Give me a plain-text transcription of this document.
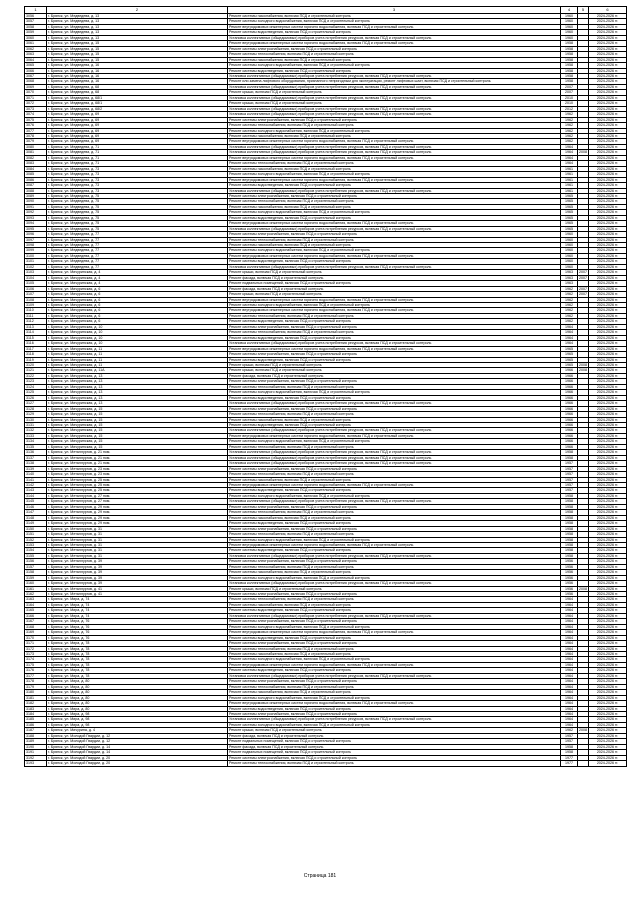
1	2	3	4	5	6
3056	г. Брянск, ул. Медведева, д. 13	Ремонт системы газоснабжения, включая ПСД и строительный контроль	1960		2024-2026 гг.
3057	г. Брянск, ул. Медведева, д. 13	Ремонт системы холодного водоснабжения, включая ПСД и строительный контроль	1960		2024-2026 гг.
3058	г. Брянск, ул. Медведева, д. 13	Ремонт внутридомовых инженерных систем горячего водоснабжения, включая ПСД и строительный контроль	1960		2024-2026 гг.
3059	г. Брянск, ул. Медведева, д. 13	Ремонт системы водоотведения, включая ПСД и строительный контроль	1960		2024-2026 гг.
3060	г. Брянск, ул. Медведева, д. 13	Установка коллективных (общедомовых) приборов учета потребления ресурсов, включая ПСД и строительный контроль	1960		2024-2026 гг.
3061	г. Брянск, ул. Медведева, д. 15	Ремонт внутридомовых инженерных систем горячего водоснабжения, включая ПСД и строительный контроль	1958		2024-2026 гг.
3062	г. Брянск, ул. Медведева, д. 15	Ремонт системы электроснабжения, включая ПСД и строительный контроль	1958		2024-2026 гг.
3063	г. Брянск, ул. Медведева, д. 15	Ремонт системы теплоснабжения, включая ПСД и строительный контроль	1958		2024-2026 гг.
3064	г. Брянск, ул. Медведева, д. 15	Ремонт системы газоснабжения, включая ПСД и строительный контроль	1958		2024-2026 гг.
3065	г. Брянск, ул. Медведева, д. 16	Ремонт системы холодного водоснабжения, включая ПСД и строительный контроль	1958		2024-2026 гг.
3066	г. Брянск, ул. Медведева, д. 16	Ремонт системы водоотведения, включая ПСД и строительный контроль	1958		2024-2026 гг.
3067	г. Брянск, ул. Медведева, д. 16	Установка коллективных (общедомовых) приборов учета потребления ресурсов, включая ПСД и строительный контроль	1958		2024-2026 гг.
3068	г. Брянск, ул. Медведева, д. 16	Ремонт или замена лифтового оборудования, признанного непригодным для эксплуатации, ремонт лифтовых шахт, включая ПСД и строительный контроль	1958		2024-2026 гг.
3069	г. Брянск, ул. Медведева, д. 68	Установка коллективных (общедомовых) приборов учета потребления ресурсов, включая ПСД и строительный контроль	2007		2024-2026 гг.
3070	г. Брянск, ул. Медведева, д. 68	Ремонт крыши, включая ПСД и строительный контроль	2007		2024-2026 гг.
3071	г. Брянск, ул. Медведева, д. 68/1	Установка коллективных (общедомовых) приборов учета потребления ресурсов, включая ПСД и строительный контроль	2010		2024-2026 гг.
3072	г. Брянск, ул. Медведева, д. 68/1	Ремонт крыши, включая ПСД и строительный контроль	2010		2024-2026 гг.
3073	г. Брянск, ул. Медведева, д. 68/2	Установка коллективных (общедомовых) приборов учета потребления ресурсов, включая ПСД и строительный контроль	2012		2024-2026 гг.
3074	г. Брянск, ул. Медведева, д. 69	Установка коллективных (общедомовых) приборов учета потребления ресурсов, включая ПСД и строительный контроль	1962		2024-2026 гг.
3075	г. Брянск, ул. Медведева, д. 69	Ремонт системы электроснабжения, включая ПСД и строительный контроль	1962		2024-2026 гг.
3076	г. Брянск, ул. Медведева, д. 69	Ремонт системы теплоснабжения, включая ПСД и строительный контроль	1962		2024-2026 гг.
3077	г. Брянск, ул. Медведева, д. 69	Ремонт системы холодного водоснабжения, включая ПСД и строительный контроль	1962		2024-2026 гг.
3078	г. Брянск, ул. Медведева, д. 69	Ремонт системы газоснабжения, включая ПСД и строительный контроль	1962		2024-2026 гг.
3079	г. Брянск, ул. Медведева, д. 69	Ремонт внутридомовых инженерных систем горячего водоснабжения, включая ПСД и строительный контроль	1962		2024-2026 гг.
3080	г. Брянск, ул. Медведева, д. 71	Установка коллективных (общедомовых) приборов учета потребления ресурсов, включая ПСД и строительный контроль	1964		2024-2026 гг.
3081	г. Брянск, ул. Медведева, д. 71	Установка коллективных (общедомовых) приборов учета потребления ресурсов, включая ПСД и строительный контроль	1964	2008	2024-2026 гг.
3082	г. Брянск, ул. Медведева, д. 71	Ремонт внутридомовых инженерных систем горячего водоснабжения, включая ПСД и строительный контроль	1964		2024-2026 гг.
3083	г. Брянск, ул. Медведева, д. 71	Ремонт системы теплоснабжения, включая ПСД и строительный контроль	1964		2024-2026 гг.
3084	г. Брянск, ул. Медведева, д. 73	Ремонт системы газоснабжения, включая ПСД и строительный контроль	1961		2024-2026 гг.
3085	г. Брянск, ул. Медведева, д. 73	Ремонт системы холодного водоснабжения, включая ПСД и строительный контроль	1961		2024-2026 гг.
3086	г. Брянск, ул. Медведева, д. 73	Ремонт внутридомовых инженерных систем горячего водоснабжения, включая ПСД и строительный контроль	1961		2024-2026 гг.
3087	г. Брянск, ул. Медведева, д. 73	Ремонт системы водоотведения, включая ПСД и строительный контроль	1961		2024-2026 гг.
3088	г. Брянск, ул. Медведева, д. 73	Установка коллективных (общедомовых) приборов учета потребления ресурсов, включая ПСД и строительный контроль	1961		2024-2026 гг.
3089	г. Брянск, ул. Медведева, д. 75	Ремонт системы электроснабжения, включая ПСД и строительный контроль	1965		2024-2026 гг.
3090	г. Брянск, ул. Медведева, д. 75	Ремонт системы теплоснабжения, включая ПСД и строительный контроль	1965		2024-2026 гг.
3091	г. Брянск, ул. Медведева, д. 75	Ремонт системы газоснабжения, включая ПСД и строительный контроль	1965		2024-2026 гг.
3092	г. Брянск, ул. Медведева, д. 75	Ремонт системы холодного водоснабжения, включая ПСД и строительный контроль	1965		2024-2026 гг.
3093	г. Брянск, ул. Медведева, д. 75	Ремонт системы водоотведения, включая ПСД и строительный контроль	1965		2024-2026 гг.
3094	г. Брянск, ул. Медведева, д. 75	Ремонт внутридомовых инженерных систем горячего водоснабжения, включая ПСД и строительный контроль	1965		2024-2026 гг.
3095	г. Брянск, ул. Медведева, д. 75	Установка коллективных (общедомовых) приборов учета потребления ресурсов, включая ПСД и строительный контроль	1965		2024-2026 гг.
3096	г. Брянск, ул. Медведева, д. 77	Ремонт системы электроснабжения, включая ПСД и строительный контроль	1960		2024-2026 гг.
3097	г. Брянск, ул. Медведева, д. 77	Ремонт системы теплоснабжения, включая ПСД и строительный контроль	1960		2024-2026 гг.
3098	г. Брянск, ул. Медведева, д. 77	Ремонт системы газоснабжения, включая ПСД и строительный контроль	1960		2024-2026 гг.
3099	г. Брянск, ул. Медведева, д. 77	Ремонт системы холодного водоснабжения, включая ПСД и строительный контроль	1960		2024-2026 гг.
3100	г. Брянск, ул. Медведева, д. 77	Ремонт внутридомовых инженерных систем горячего водоснабжения, включая ПСД и строительный контроль	1960		2024-2026 гг.
3101	г. Брянск, ул. Медведева, д. 77	Ремонт системы водоотведения, включая ПСД и строительный контроль	1960		2024-2026 гг.
3102	г. Брянск, ул. Медведева, д. 77	Установка коллективных (общедомовых) приборов учета потребления ресурсов, включая ПСД и строительный контроль	1960		2024-2026 гг.
3103	г. Брянск, ул. Мичуринская, д. 4	Ремонт крыши, включая ПСД и строительный контроль	1963	2007	2024-2026 гг.
3104	г. Брянск, ул. Мичуринская, д. 4	Ремонт фасада, включая ПСД и строительный контроль	1963	2007	2024-2026 гг.
3105	г. Брянск, ул. Мичуринская, д. 4	Ремонт подвальных помещений, включая ПСД и строительный контроль	1963		2024-2026 гг.
3106	г. Брянск, ул. Мичуринская, д. 6	Ремонт фасада, включая ПСД и строительный контроль	1962	2007	2024-2026 гг.
3107	г. Брянск, ул. Мичуринская, д. 6	Ремонт крыши, включая ПСД и строительный контроль	1962	2007	2024-2026 гг.
3108	г. Брянск, ул. Мичуринская, д. 6	Ремонт внутридомовых инженерных систем горячего водоснабжения, включая ПСД и строительный контроль	1962		2024-2026 гг.
3109	г. Брянск, ул. Мичуринская, д. 6	Ремонт системы холодного водоснабжения, включая ПСД и строительный контроль	1962		2024-2026 гг.
3110	г. Брянск, ул. Мичуринская, д. 6	Ремонт внутридомовых инженерных систем горячего водоснабжения, включая ПСД и строительный контроль	1962		2024-2026 гг.
3111	г. Брянск, ул. Мичуринская, д. 6	Ремонт системы теплоснабжения, включая ПСД и строительный контроль	1962		2024-2026 гг.
3112	г. Брянск, ул. Мичуринская, д. 6	Ремонт системы водоотведения, включая ПСД и строительный контроль	1962		2024-2026 гг.
3113	г. Брянск, ул. Мичуринская, д. 10	Ремонт системы электроснабжения, включая ПСД и строительный контроль	1964		2024-2026 гг.
3114	г. Брянск, ул. Мичуринская, д. 10	Ремонт системы теплоснабжения, включая ПСД и строительный контроль	1964		2024-2026 гг.
3115	г. Брянск, ул. Мичуринская, д. 10	Ремонт системы водоотведения, включая ПСД и строительный контроль	1964		2024-2026 гг.
3116	г. Брянск, ул. Мичуринская, д. 10	Установка коллективных (общедомовых) приборов учета потребления ресурсов, включая ПСД и строительный контроль	1964		2024-2026 гг.
3117	г. Брянск, ул. Мичуринская, д. 11	Ремонт внутридомовых инженерных систем горячего водоснабжения, включая ПСД и строительный контроль	1965		2024-2026 гг.
3118	г. Брянск, ул. Мичуринская, д. 11	Ремонт системы электроснабжения, включая ПСД и строительный контроль	1965		2024-2026 гг.
3119	г. Брянск, ул. Мичуринская, д. 11	Ремонт системы водоотведения, включая ПСД и строительный контроль	1965		2024-2026 гг.
3120	г. Брянск, ул. Мичуринская, д. 11	Ремонт крыши, включая ПСД и строительный контроль	1965	2008	2024-2026 гг.
3121	г. Брянск, ул. Мичуринская, д. 11А	Ремонт крыши, включая ПСД и строительный контроль	1966	2008	2024-2026 гг.
3122	г. Брянск, ул. Мичуринская, д. 13	Ремонт фасада, включая ПСД и строительный контроль	1966		2024-2026 гг.
3123	г. Брянск, ул. Мичуринская, д. 13	Ремонт системы электроснабжения, включая ПСД и строительный контроль	1966		2024-2026 гг.
3124	г. Брянск, ул. Мичуринская, д. 13	Ремонт системы теплоснабжения, включая ПСД и строительный контроль	1966		2024-2026 гг.
3125	г. Брянск, ул. Мичуринская, д. 13	Ремонт системы холодного водоснабжения, включая ПСД и строительный контроль	1966		2024-2026 гг.
3126	г. Брянск, ул. Мичуринская, д. 13	Ремонт системы водоотведения, включая ПСД и строительный контроль	1966		2024-2026 гг.
3127	г. Брянск, ул. Мичуринская, д. 13	Установка коллективных (общедомовых) приборов учета потребления ресурсов, включая ПСД и строительный контроль	1966		2024-2026 гг.
3128	г. Брянск, ул. Мичуринская, д. 15	Ремонт системы электроснабжения, включая ПСД и строительный контроль	1966		2024-2026 гг.
3129	г. Брянск, ул. Мичуринская, д. 15	Ремонт системы теплоснабжения, включая ПСД и строительный контроль	1966		2024-2026 гг.
3130	г. Брянск, ул. Мичуринская, д. 15	Ремонт системы газоснабжения, включая ПСД и строительный контроль	1966		2024-2026 гг.
3131	г. Брянск, ул. Мичуринская, д. 15	Ремонт системы водоотведения, включая ПСД и строительный контроль	1966		2024-2026 гг.
3132	г. Брянск, ул. Мичуринская, д. 15	Установка коллективных (общедомовых) приборов учета потребления ресурсов, включая ПСД и строительный контроль	1966		2024-2026 гг.
3133	г. Брянск, ул. Мичуринская, д. 15	Ремонт внутридомовых инженерных систем горячего водоснабжения, включая ПСД и строительный контроль	1966		2024-2026 гг.
3134	г. Брянск, ул. Мичуринская, д. 15	Ремонт системы холодного водоснабжения, включая ПСД и строительный контроль	1966		2024-2026 гг.
3135	г. Брянск, ул. Мичуринская, д. 15	Ремонт системы теплоснабжения, включая ПСД и строительный контроль	1966		2024-2026 гг.
3136	г. Брянск, ул. Металлургов, д. 21 пом.	Установка коллективных (общедомовых) приборов учета потребления ресурсов, включая ПСД и строительный контроль	1958		2024-2026 гг.
3137	г. Брянск, ул. Металлургов, д. 21 пом.	Установка коллективных (общедомовых) приборов учета потребления ресурсов, включая ПСД и строительный контроль	1958		2024-2026 гг.
3138	г. Брянск, ул. Металлургов, д. 21 пом.	Установка коллективных (общедомовых) приборов учета потребления ресурсов, включая ПСД и строительный контроль	1957		2024-2026 гг.
3139	г. Брянск, ул. Металлургов, д. 23 пом.	Ремонт системы электроснабжения, включая ПСД и строительный контроль	1957		2024-2026 гг.
3140	г. Брянск, ул. Металлургов, д. 23 пом.	Ремонт системы теплоснабжения, включая ПСД и строительный контроль	1957		2024-2026 гг.
3141	г. Брянск, ул. Металлургов, д. 25 пом.	Ремонт системы газоснабжения, включая ПСД и строительный контроль	1957		2024-2026 гг.
3142	г. Брянск, ул. Металлургов, д. 25 пом.	Ремонт внутридомовых инженерных систем горячего водоснабжения, включая ПСД и строительный контроль	1957		2024-2026 гг.
3143	г. Брянск, ул. Металлургов, д. 25 пом.	Ремонт системы водоотведения, включая ПСД и строительный контроль	1957		2024-2026 гг.
3144	г. Брянск, ул. Металлургов, д. 27 пом.	Ремонт системы холодного водоснабжения, включая ПСД и строительный контроль	1958		2024-2026 гг.
3145	г. Брянск, ул. Металлургов, д. 27 пом.	Установка коллективных (общедомовых) приборов учета потребления ресурсов, включая ПСД и строительный контроль	1958		2024-2026 гг.
3146	г. Брянск, ул. Металлургов, д. 29 пом.	Ремонт системы электроснабжения, включая ПСД и строительный контроль	1958		2024-2026 гг.
3147	г. Брянск, ул. Металлургов, д. 29 пом.	Ремонт системы теплоснабжения, включая ПСД и строительный контроль	1958		2024-2026 гг.
3148	г. Брянск, ул. Металлургов, д. 29 пом.	Ремонт системы газоснабжения, включая ПСД и строительный контроль	1958		2024-2026 гг.
3149	г. Брянск, ул. Металлургов, д. 29 пом.	Ремонт системы водоотведения, включая ПСД и строительный контроль	1958		2024-2026 гг.
3150	г. Брянск, ул. Металлургов, д. 31	Ремонт системы электроснабжения, включая ПСД и строительный контроль	1958		2024-2026 гг.
3151	г. Брянск, ул. Металлургов, д. 31	Ремонт системы теплоснабжения, включая ПСД и строительный контроль	1958		2024-2026 гг.
3152	г. Брянск, ул. Металлургов, д. 31	Ремонт системы холодного водоснабжения, включая ПСД и строительный контроль	1958		2024-2026 гг.
3153	г. Брянск, ул. Металлургов, д. 31	Ремонт внутридомовых инженерных систем горячего водоснабжения, включая ПСД и строительный контроль	1958		2024-2026 гг.
3154	г. Брянск, ул. Металлургов, д. 31	Ремонт системы водоотведения, включая ПСД и строительный контроль	1958		2024-2026 гг.
3155	г. Брянск, ул. Металлургов, д. 31	Установка коллективных (общедомовых) приборов учета потребления ресурсов, включая ПСД и строительный контроль	1958		2024-2026 гг.
3156	г. Брянск, ул. Металлургов, д. 39	Ремонт системы электроснабжения, включая ПСД и строительный контроль	1956		2024-2026 гг.
3157	г. Брянск, ул. Металлургов, д. 39	Ремонт системы теплоснабжения, включая ПСД и строительный контроль	1956		2024-2026 гг.
3158	г. Брянск, ул. Металлургов, д. 39	Ремонт системы газоснабжения, включая ПСД и строительный контроль	1956		2024-2026 гг.
3159	г. Брянск, ул. Металлургов, д. 39	Ремонт системы холодного водоснабжения, включая ПСД и строительный контроль	1956		2024-2026 гг.
3160	г. Брянск, ул. Металлургов, д. 39	Установка коллективных (общедомовых) приборов учета потребления ресурсов, включая ПСД и строительный контроль	1956		2024-2026 гг.
3161	г. Брянск, ул. Металлургов, д. 41	Ремонт крыши, включая ПСД и строительный контроль	1956	2008	2024-2026 гг.
3162	г. Брянск, ул. Металлургов, д. 41	Ремонт системы электроснабжения, включая ПСД и строительный контроль	1956		2024-2026 гг.
3163	г. Брянск, ул. Мира, д. 74	Ремонт системы теплоснабжения, включая ПСД и строительный контроль	1964		2024-2026 гг.
3164	г. Брянск, ул. Мира, д. 74	Ремонт системы газоснабжения, включая ПСД и строительный контроль	1964		2024-2026 гг.
3165	г. Брянск, ул. Мира, д. 74	Ремонт системы водоотведения, включая ПСД и строительный контроль	1964		2024-2026 гг.
3166	г. Брянск, ул. Мира, д. 74	Установка коллективных (общедомовых) приборов учета потребления ресурсов, включая ПСД и строительный контроль	1964		2024-2026 гг.
3167	г. Брянск, ул. Мира, д. 76	Ремонт системы электроснабжения, включая ПСД и строительный контроль	1964		2024-2026 гг.
3168	г. Брянск, ул. Мира, д. 76	Ремонт системы холодного водоснабжения, включая ПСД и строительный контроль	1964		2024-2026 гг.
3169	г. Брянск, ул. Мира, д. 76	Ремонт внутридомовых инженерных систем горячего водоснабжения, включая ПСД и строительный контроль	1964		2024-2026 гг.
3170	г. Брянск, ул. Мира, д. 76	Ремонт системы водоотведения, включая ПСД и строительный контроль	1964		2024-2026 гг.
3171	г. Брянск, ул. Мира, д. 78	Ремонт системы электроснабжения, включая ПСД и строительный контроль	1964		2024-2026 гг.
3172	г. Брянск, ул. Мира, д. 78	Ремонт системы теплоснабжения, включая ПСД и строительный контроль	1964		2024-2026 гг.
3173	г. Брянск, ул. Мира, д. 78	Ремонт системы газоснабжения, включая ПСД и строительный контроль	1964		2024-2026 гг.
3174	г. Брянск, ул. Мира, д. 78	Ремонт системы холодного водоснабжения, включая ПСД и строительный контроль	1964		2024-2026 гг.
3175	г. Брянск, ул. Мира, д. 78	Ремонт внутридомовых инженерных систем горячего водоснабжения, включая ПСД и строительный контроль	1964		2024-2026 гг.
3176	г. Брянск, ул. Мира, д. 78	Ремонт системы водоотведения, включая ПСД и строительный контроль	1964		2024-2026 гг.
3177	г. Брянск, ул. Мира, д. 78	Установка коллективных (общедомовых) приборов учета потребления ресурсов, включая ПСД и строительный контроль	1964		2024-2026 гг.
3178	г. Брянск, ул. Мира, д. 80	Ремонт системы электроснабжения, включая ПСД и строительный контроль	1964		2024-2026 гг.
3179	г. Брянск, ул. Мира, д. 80	Ремонт системы теплоснабжения, включая ПСД и строительный контроль	1964		2024-2026 гг.
3180	г. Брянск, ул. Мира, д. 80	Ремонт системы газоснабжения, включая ПСД и строительный контроль	1964		2024-2026 гг.
3181	г. Брянск, ул. Мира, д. 80	Ремонт системы холодного водоснабжения, включая ПСД и строительный контроль	1964		2024-2026 гг.
3182	г. Брянск, ул. Мира, д. 80	Ремонт внутридомовых инженерных систем горячего водоснабжения, включая ПСД и строительный контроль	1964		2024-2026 гг.
3183	г. Брянск, ул. Мира, д. 80	Ремонт системы водоотведения, включая ПСД и строительный контроль	1964		2024-2026 гг.
3184	г. Брянск, ул. Мира, д. 98	Ремонт системы электроснабжения, включая ПСД и строительный контроль	1964		2024-2026 гг.
3185	г. Брянск, ул. Мира, д. 98	Установка коллективных (общедомовых) приборов учета потребления ресурсов, включая ПСД и строительный контроль	1964		2024-2026 гг.
3186	г. Брянск, ул. Мира, д. 98	Ремонт системы холодного водоснабжения, включая ПСД и строительный контроль	1964		2024-2026 гг.
3187	г. Брянск, ул. Мичурина, д. 4	Ремонт крыши, включая ПСД и строительный контроль	1962	2008	2024-2026 гг.
3188	г. Брянск, ул. Молодой Гвардии, д. 12	Ремонт фасада, включая ПСД и строительный контроль	1957		2024-2026 гг.
3189	г. Брянск, ул. Молодой Гвардии, д. 12	Ремонт подвальных помещений, включая ПСД и строительный контроль	1957		2024-2026 гг.
3190	г. Брянск, ул. Молодой Гвардии, д. 14	Ремонт фасада, включая ПСД и строительный контроль	1958		2024-2026 гг.
3191	г. Брянск, ул. Молодой Гвардии, д. 14	Ремонт подвальных помещений, включая ПСД и строительный контроль	1958		2024-2026 гг.
3192	г. Брянск, ул. Молодой Гвардии, д. 20	Ремонт системы электроснабжения, включая ПСД и строительный контроль	1977		2024-2026 гг.
3193	г. Брянск, ул. Молодой Гвардии, д. 20	Ремонт системы теплоснабжения, включая ПСД и строительный контроль	1977		2024-2026 гг.
Страница 181
